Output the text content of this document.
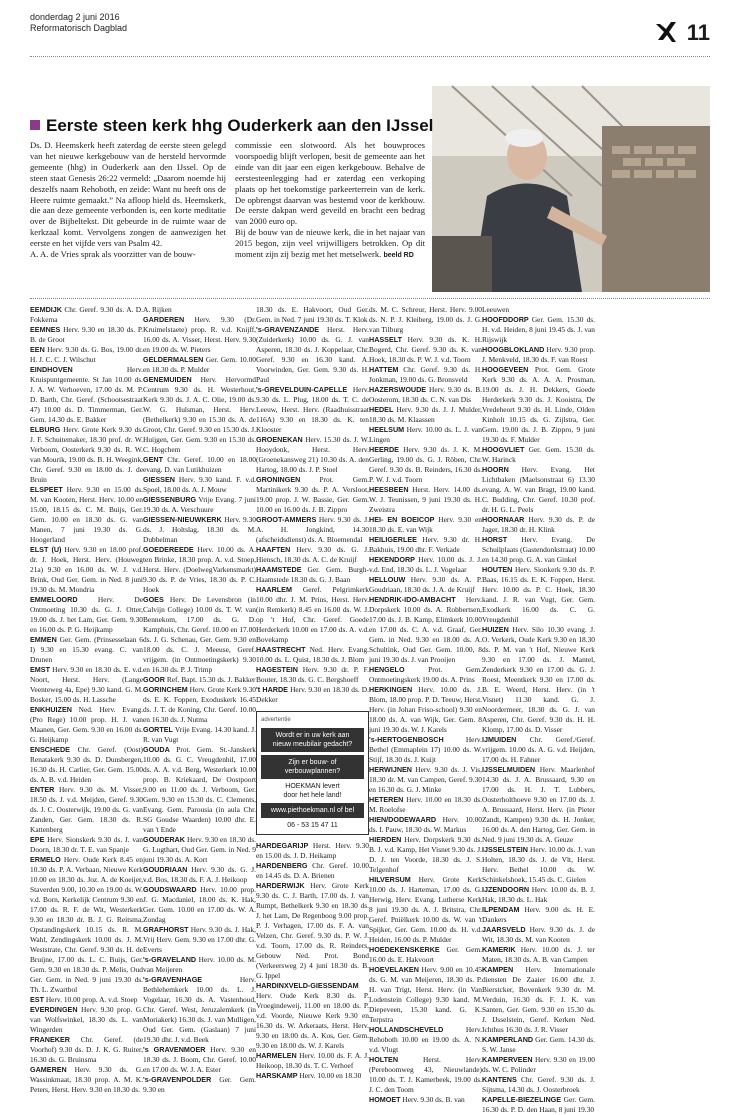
donderdag 2 juni 2016
Reformatorisch Dagblad	11
Eerste steen kerk hhg Ouderkerk aan den IJssel
Ds. D. Heemskerk heeft zaterdag de eerste steen gelegd van het nieuwe kerkgebouw van de hersteld hervormde gemeente (hhg) in Ouderkerk aan den IJssel. Op de steen staat Genesis 26:22 vermeld: „Daarom noemde hij deszelfs naam Rehoboth, en zeide: Want nu heeft ons de Heere ruimte gemaakt.” Na afloop hield ds. Heemskerk, die aan deze gemeente verbonden is, een korte meditatie over de Bijbeltekst. Dit gebeurde in de ruimte waar de kerkzaal komt. Vervolgens zongen de aanwezigen het eerste en het vijfde vers van Psalm 42.
A. A. de Vries sprak als voorzitter van de bouw-
commissie een slotwoord. Als het bouwproces voorspoedig blijft verlopen, besit de gemeente aan het einde van dit jaar een eigen kerkgebouw. Behalve de eerstesteenlegging had er zaterdag een verkoping plaats op het toekomstige parkeerterrein van de kerk. De opbrengst daarvan was bestemd voor de kerkbouw. De eerste dakpan werd geveild en bracht een bedrag van 2000 euro op.
Bij de bouw van de nieuwe kerk, die in het najaar van 2015 begon, zijn veel vrijwilligers betrokken. Op dit moment zijn zij bezig met het metselwerk. beeld RD

EEMDIJK Chr. Geref. 9.30 ds. A. D. Fokkema

EEMNES Herv. 9.30 en 18.30 ds. P. B. de Groot

EEN Herv. 9.30 ds. G. Bos, 19.00 dr. H. J. C. C. J. Wilschut

EINDHOVEN	Herv. Kruispuntgemeente. St Jan 10.00 ds. J. A. W. Verhoeven, 17.00 ds. M. P. D. Barth, Chr. Geref. (Schootsestraat 47) 10.00 ds. D. Timmerman, Ger. Gem. 14.30 ds. E. Bakker

ELBURG Herv. Grote Kerk 9.30 ds. J. F. Schuitemaker, 18.30 prof. dr. W. Verboom, Oosterkerk 9.30 ds. R. W. van Mourik, 19.00 ds. B. H. Weegink, Chr. Geref. 9.30 en 18.00 ds. J. de Bruin

ELSPEET Herv. 9.30 en 15.00 ds. M. van Kooten, Herst. Herv. 10.00 en 15.00, 18.15 ds. C. M. Buijs, Ger. Gem. 10.00 en 18.30 ds. G. van Manen, 7 juni 19.30 ds. G. Hoogerland

ELST (U) Herv. 9.30 en 18.00 prof. dr. J. Hoek, Herst. Herv. (Houweg 21a) 9.30 en 16.00 ds. W. J. v.d. Brink, Oud Ger. Gem. in Ned. 8 juni 19.30 ds. M. Mondria

EMMELOORD	Herv. De Ontmoeting 10.30 ds. G. J. Otter, 19.00 ds. J. het Lam, Ger. Gem. 9.30 en 16.00 ds. P. G. Heijkamp

EMMEN Ger. Gem. (Prinsesselaan 6 I) 9.30 en 15.30 evang. C. van Drunen

EMST Herv. 9.30 en 18.30 ds. E. v.d. Noort, Herst. Herv. (Lange Veenteweg 4a, Epe) 9.30 kand. G. M. Bosker, 15.00 ds. H. Lassche

ENKHUIZEN Ned. Herv. Evang. (Pro Rege) 10.00 prop. H. J. van Maanen, Ger. Gem. 9.30 en 16.00 ds. G. Heijkamp

ENSCHEDE Chr. Geref. (Oost) Renatakerk 9.30 ds. D. Dunsbergen, 16.30 ds. H. Carlier, Ger. Gem. 15.00 ds. A. B. v.d. Heiden

ENTER Herv. 9.30 ds. M. Visser, 18.50 ds. J. v.d. Meijden, Geref. 9.30 ds. J. C. Oosterwijk, 19.00 ds. G. van Zanden, Ger. Gem. 18.30 ds. R. Kattenberg

EPE Herv. Sionskerk 9.30 ds. J. van Doorn, 18.30 dr. T. E. van Spanje

ERMELO Herv. Oude Kerk 8.45 en 10.30 ds. P. A. Verbaan, Nieuwe Kerk 10.00 en 18.30 ds. Joz. A. de Koeijer, Staverden 9.00, 10.30 en 19.00 ds. W. v.d. Born, Kerkelijk Centrum 9.30 en 17.00 ds. R. F. de Wit, Westerkerk 9.30 en 18.30 dr. B. J. G. Reitsma, Opstandingskerk 10.15 ds. R. M. Wahl, Zendingskerk 10.00 ds. J. M. Weststrate, Chr. Geref. 9.30 ds. H. de Bruijne, 17.00 ds. L. C. Buijs, Ger. Gem. 9.30 en 18.30 ds. P. Melis, Oud Ger. Gem. in Ned. 9 juni 19.30 ds. Th. L. Zwartbol

EST Herv. 10.00 prop. A. v.d. Stoep

EVERDINGEN Herv. 9.30 prop. G. van Wolfswinkel, 18.30 ds. L. van Wingerden

FRANEKER Chr. Geref. (de Voorhof) 9.30 ds. D. J. K. G. Ruiter, 16.30 ds. G. Bruinsma

GAMEREN Herv. 9.30 ds. G. Wassinkmaat, 18.30 prop. A. M. K. Peters, Herst. Herv. 9.30 en 18.30 ds.

A. Rijken

GARDEREN Herv. 9.30 (Dr. Kruimelstaete) prop. R. v.d. Knijff, 16.00 ds. A. Visser, Herst. Herv. 9.30 en 19.00 ds. W. Pieters

GELDERMALSEN Ger. Gem. 10.00 en 18.30 ds. P. Mulder

GENEMUIDEN Herv. Hervormd Centrum 9.30 ds. H. Westerhout, Kerk 9.30 ds. J. A. C. Olie, 19.00 ds. W. G. Hulsman, Herst. Herv. (Bethelkerk) 9.30 en 15.30 ds. A. de Groot, Chr. Geref. 9.30 en 15.30 ds. J. Huijgen, Ger. Gem. 9.30 en 15.30 ds. C. Hogchem

GENT Chr. Geref. 10.00 en 18.00 evang. D. van Lutikhuizen

GIESSEN Herv. 9.30 kand. F. v.d. Spoel, 18.00 ds. A. J. Mouw

GIESSENBURG Vrije Evang. 7 juni 19.30 ds. A. Verschuure

GIESSEN-NIEUWKERK Herv. 9.30 ds. J. Holtslag, 18.30 ds. M. Dubbelman

GOEDEREEDE Herv. 10.00 ds. A. ten Brinke, 18.30 prop. A. v.d. Stoep, Herst. Herv. (DoelwegVarkensmarkt) 9.30 ds. P. de Vries, 18.30 ds. P. C. Hoek

GOES Herv. De Levensbron (in Calvijn College) 10.00 ds. T. W. van Bennekom, 17.00 ds. G. D. Kamphuis, Chr. Geref. 10.00 en 17.00 ds. J. G. Schenau, Ger. Gem. 9.30 en 18.00 ds. C. J. Meeuse, Geref. vrijgem. (in Ontmoetingskerk) 9.30 en 16.30 ds. P. J. Trimp

GOOR Ref. Bapt. 15.30 ds. J. Bakker

GORINCHEM Herv. Grote Kerk 9.30 ds. E. K. Foppen, Exoduskerk 16.45 ds. J. T. de Koning, Chr. Geref. 10.00 en 16.30 ds. J. Nutma

GORTEL Vrije Evang. 14.30 kand. J. R. van Vugt

GOUDA Prot. Gem. St.-Janskerk 10.00 ds. G. C. Vreugdenhil, 17.00 ds. A. A. v.d. Berg, Westerkerk 10.00 prop. B. Kriekaard, De Oostpoort 9.00 en 11.00 ds. J. Verboom, Ger. Gem. 9.30 en 15.30 ds. C. Clements, Evang. Gem. Parousia (in aula Chr. SG Goudse Waarden) 10.00 dhr. E. van 't Ende

GOUDERAK Herv. 9.30 en 18.30 ds. G. Lugthart, Oud Ger. Gem. in Ned. 9 juni 19.30 ds. A. Kort

GOUDRIAAN Herv. 9.30 ds. G. J. v.d. Bos, 18.30 ds. F. A. J. Heikoop

GOUDSWAARD Herv. 10.00 prop. J. G. Macdaniel, 18.00 ds. K. Hak, Ger. Gem. 10.00 en 17.00 ds. W. A. Zondag

GRAFHORST Herv. 9.30 ds. J. Hak, Vrij Herv. Gem. 9.30 en 17.00 dhr. G. Everts

's-GRAVELAND Herv. 10.00 ds. M. van Meijeren

's-GRAVENHAGE	Herv. Bethlehemkerk 10.00 ds. L. J. Vogelaar, 16.30 ds. A. Vastenhoud, Chr. Geref. West, Jeruzalemkerk (in Moriakerk) 16.30 ds. J. van Mulligen, Oud Ger. Gem. (Gaslaan) 7 juni 19.30 dhr. J. v.d. Beek

's GRAVENMOER Herv. 9.30 en 18.30 ds. J. Boom, Chr. Geref. 10.00 en 17.00 ds. W. J. A. Ester

's-GRAVENPOLDER Ger. Gem. 9.30 en

18.30 ds. E. Hakvoort, Oud Ger. Gem. in Ned. 7 juni 19.30 ds. T. Klok

's-GRAVENZANDE Herst. Herv. (Zuiderkerk) 10.00 ds. G. J. van Asperen, 18.30 ds. J. Koppelaar, Chr. Geref. 9.30 en 16.30 kand. A. Voorwinden, Ger. Gem. 9.30 ds. H. Paul

's-GREVELDUIN-CAPELLE Herv. 9.30 ds. L. Plug, 18.00 ds. T. C. de Leeuw, Herst. Herv. (Raadhuisstraat 116A) 9.30 en 18.30 ds. K. ten Klooster

GROENEKAN Herv. 15.30 ds. J. W. Hooydonk, Herst. Herv. (Groenekansweg 21) 10.30 ds. A. den Hartog, 18.00 ds. J. P. Stoel

GRONINGEN	Prot. Gem. Martinikerk 9.30 ds. P. A. Versloot, 19.00 prop. J. W. Bassie, Ger. Gem. 10.00 en 16.00 ds. J. B. Zippro

GROOT-AMMERS Herv. 9.30 ds. J. A. H. Jongkind, 14.30 (afscheidsdienst) ds. A. Bloemendal

HAAFTEN Herv. 9.30 ds. G. J. Hiensch, 18.30 ds. A. C. de Kruijf

HAAMSTEDE Ger. Gem. Burgh-Haamstede 18.30 ds. G. J. Baan

HAARLEM Geref. Pelgrimkerk 10.00 dhr. J. M. Prins, Herst. Herv. (in Remkerk) 8.45 en 16.00 ds. W. J. op 't Hof, Chr. Geref. Goede Herderkerk 10.00 en 17.00 ds. A. v.d. Bovekamp

HAASTRECHT Ned. Herv. Evang. 10.00 ds. L. Quist, 18.30 ds. J. Blom

HAGESTEIN Herv. 9.30 dr. P. F. Bouter, 18.30 ds. G. C. Bergshoeff

't HARDE Herv. 9.30 en 18.30 ds. D. Dekker

advertentie
Wordt er in uw kerk aan
nieuw meubilair gedacht?
Zijn er bouw- of verbouwplannen?
HOEKMAN levert
door het hele land!
www.piethoekman.nl of bel
06 - 53 15 47 11

HARDEGARIJP Herst. Herv. 9.30 en 15.00 ds. J. D. Heikamp

HARDENBERG Chr. Geref. 10.00 en 14.45 ds. D. A. Brienen

HARDERWIJK Herv. Grote Kerk 9.30 ds. C. J. Barth, 17.00 ds. J. van Rumpt, Bethelkerk 9.30 en 18.30 ds. J. het Lam, De Regenboog 9.00 prop. P. J. Verhagen, 17.00 ds. F. A. van Velzen, Chr. Geref. 9.30 ds. P. W. J. v.d. Toorn, 17.00 ds. R. Reinders, Gebouw Ned. Prot. Bond (Verkeersweg 2) 4 juni 18.30 ds. B. G. Ippel

HARDINXVELD-GIESSENDAM Herv. Oude Kerk 8.30 ds. P. Vroegindeweij, 11.00 en 18.00 ds. P. v.d. Voorde, Nieuwe Kerk 9.30 en 16.30 ds. W. Arkeraats, Herst. Herv. 9.30 en 18.00 ds. A. Kos, Ger. Gem. 9.30 en 18.00 ds. W. J. Karels

HARMELEN Herv. 10.00 ds. F. A. J. Heikoop, 18.30 ds. T. C. Verhoef

HARSKAMP Herv. 10.00 en 18.30

ds. M. C. Schreur, Herst. Herv. 9.00 ds. N. P. J. Kleiberg, 19.00 ds. J. G. van Tilburg

HASSELT Herv. 9.30 ds. K. H. Bogerd, Chr. Geref. 9.30 ds. K. van Hoek, 18.30 ds. P. W. J. v.d. Toorn

HATTEM Chr. Geref. 9.30 ds. H. Jonkman, 19.00 ds. G. Bronsveld

HAZERSWOUDE Herv. 9.30 ds. B. Oosterom, 18.30 ds. C. N. van Dis

HEDEL Herv. 9.30 ds. J. J. Mulder, 18.30 ds. M. Klaassen

HEELSUM Herv. 10.00 ds. L. J. van Lingen

HEERDE Herv. 9.30 ds. J. K. M. Gerling, 19.00 ds. G. J. Röben, Chr. Geref. 9.30 ds. B. Reinders, 16.30 ds. P. W. J. v.d. Toorn

HEESBEEN Herst. Herv. 14.00 ds. W. J. Teunissen, 9 juni 19.30 ds. H. Zweistra

HEI- EN BOEICOP Herv. 9.30 en 18.30 ds. E. van Wijk

HEILIGERLEE Herv. 9.30 dr. H. Bakhuis, 19.00 dhr. F. Verkade

HEKENDORP Herv. 10.00 ds. J. J. v.d. End, 18.30 ds. L. J. Vogelaar

HELLOUW Herv. 9.30 ds. A. P. Goudriaan, 18.30 ds. J. A. de Kruijf

HENDRIK-IDO-AMBACHT Herv. Dorpskerk 10.00 ds. A. Robbertsen, 17.00 ds. J. B. Kamp, Elimkerk 10.00 en 17.00 ds. C. A. v.d. Graaf, Ger. Gem. in Ned. 9.30 en 18.00 ds. A. Schultink, Oud Ger. Gem. 10.00, 8 juni 19.30 ds. J. van Prooijen

HENGELO	Prot. Gem. Ontmoetingskerk 19.00 ds. A. Prins

HERKINGEN Herv. 10.00 ds. J. Blom, 18.00 prop. P. D. Teeuw, Herst. Herv. (in Johan Friso-school) 9.30 en 18.00 ds. A. van Wijk, Ger. Gem. 8 juni 19.30 ds. W. J. Karels

's-HERTOGENBOSCH	Herv. Bethel (Emmaplein 17) 10.00 ds. W. Stijf, 18.30 ds. J. Kuijt

HERWIJNEN Herv. 9.30 ds. J. Vis, 18.30 dr. M. van Campen, Geref. 9.30 en 16.30 ds. G. J. Minke

HETEREN Herv. 10.00 en 18.30 ds. M. Roelofse

HIEN/DODEWAARD Herv. 10.00 ds. I. Pauw, 18.30 ds. W. Markus

HIERDEN Herv. Dorpskerk 9.30 ds. B. J. v.d. Kamp, Het Visnet 9.30 ds. J. D. J. ten Voorde, 18.30 ds. J. S. Telgenhof

HILVERSUM Herv. Grote Kerk 10.00 ds. J. Harteman, 17.00 ds. G. Herwig, Herv. Evang. Lutherse Kerk 8 juni 19.30 ds. A. J. Britstra, Chr. Geref. Pniëlkerk 10.00 ds. W. van 't Spijker, Ger. Gem. 10.00 ds. H. v.d. Heiden, 16.00 ds. P. Mulder

HOEDEKENSKERKE Ger. Gem. 16.00 ds. E. Hakvoort

HOEVELAKEN Herv. 9.00 en 10.45 ds. G. M. van Meijeren, 18.30 ds. P. H. van Trigt, Herst. Herv. (in Van Lodenstein College) 9.30 kand. M. Diepeveen, 15.30 kand. G. K. Terpstra

HOLLANDSCHEVELD	Herv. Rehoboth 10.00 en 19.00 ds. A. N. v.d. Vlugt

HOLTEN	Herst. Herv. (Pereboomweg 43, Nieuwlande) 10.00 ds. T. J. Kamerbeek, 19.00 ds. J. C. den Toom

HOMOET Herv. 9.30 ds. B. van

Leeuwen

HOOFDDORP Ger. Gem. 15.30 ds. H. v.d. Heiden, 8 juni 19.45 ds. J. van Rijswijk

HOOGBLOKLAND Herv. 9.30 prop. J. Menkveld, 18.30 ds. F. van Roest

HOOGEVEEN Prot. Gem. Grote Kerk 9.30 ds. A. A. A. Prosman, 19.00 ds. J. H. Dekkers, Goede Herderkerk 9.30 ds. J. Kooistra, De Vredeheort 9.30 ds. H. Linde, Olden Kinholt 10.15 ds. G. Zijlstra, Ger. Gem. 19.00 ds. J. B. Zippro, 9 juni 19.30 ds. F. Mulder

HOOGVLIET Ger. Gem. 15.30 ds. W. Harinck

HOORN Herv. Evang. Het Lichtbaken (Maelsonstraat 6) 13.30 evang. A. W. van Bragt, 19.00 kand. C. Budding, Chr. Geref. 10.30 prof. dr. H. G. L. Peels

HOORNAAR Herv. 9.30 ds. P. de Jager, 18.30 dr. H. Klink

HORST Herv. Evang. De Schuilplaats (Gastendonkstraat) 10.00 en 14.30 prop. G. A. van Ginkel

HOUTEN Herv. Sionkerk 9.30 ds. P. Baas, 16.15 ds. E. K. Foppen, Herst. Herv. 10.00 ds. P. C. Hoek, 18.30 kand. J. R. van Vugt, Ger. Gem. Exodkerk 16.00 ds. C. G. Vreugdenhil

HUIZEN Herv. Silo 10.30 evang. J. O. Verkerk, Oude Kerk 9.30 en 18.30 ds. P. M. van 't Hof, Nieuwe Kerk 9.30 en 17.00 ds. J. Mantel, Zenderkerk 9.30 en 17.00 ds. G. J. Roest, Meentkerk 9.30 en 17.00 ds. B. E. Weerd, Herst. Herv. (in 't Visnet) 11.30 kand. G. J. Noordermeer, 18.30 ds. G. J. van Asperen, Chr. Geref. 9.30 ds. H. H. Klomp, 17.00 ds. D. Visser

IJMUIDEN Chr. Geref./Geref. vrijgem. 10.00 ds. A. G. v.d. Heijden, 17.00 ds. H. Fahner

IJSSELMUIDEN Herv. Maarlenhof 14.30 ds. J. A. Brussaard, 9.30 en 17.00 ds. H. J. T. Lubbers, Oosterholthoeve 9.30 en 17.00 ds. J. A. Brussaard, Herst. Herv. (in Pieter Zandt, Kampen) 9.30 ds. H. Jonker, 16.00 ds. A. den Hartog, Ger. Gem. in Ned. 9 juni 19.30 ds. A. Geuze

IJSSELSTEIN Herv. 10.00 ds. J. van Holten, 18.30 ds. J. de Vlt, Herst. Herv. Bethel 10.00 ds. W. Schinkelshoek, 15.45 ds. C. Gielen

IJZENDOORN Herv. 10.00 ds. B. J. Hak, 18.30 ds. L. Hak

ILPENDAM Herv. 9.00 ds. H. E. Dankers

JAARSVELD Herv. 9.30 ds. J. de Wit, 18.30 ds. M. van Kooten

KAMERIK Herv. 10.00 ds. J. ter Maten, 18.30 ds. A. B. van Campen

KAMPEN Herv. Internationale diensten De Zaaier 16.00 dhr. J. Bierstcker, Bovenkerk 9.30 dr. M. Verduin, 16.30 ds. F. J. K. van Santen, Ger. Gem. 9.30 en 15.30 ds. J. IJsselstein, Geref. Kerken Ned. Ichthus 16.30 ds. J. R. Visser

KAMPERLAND Ger. Gem. 14.30 ds. S. W. Janse

KAMPERVEEN Herv. 9.30 en 19.00 ds. W. C. Polinder

KANTENS Chr. Geref. 9.30 ds. J. Sijtsma, 14.30 ds. J. Oosterbroek

KAPELLE-BIEZELINGE Ger. Gem. 16.30 ds. P. D. den Haan, 8 juni 19.30
